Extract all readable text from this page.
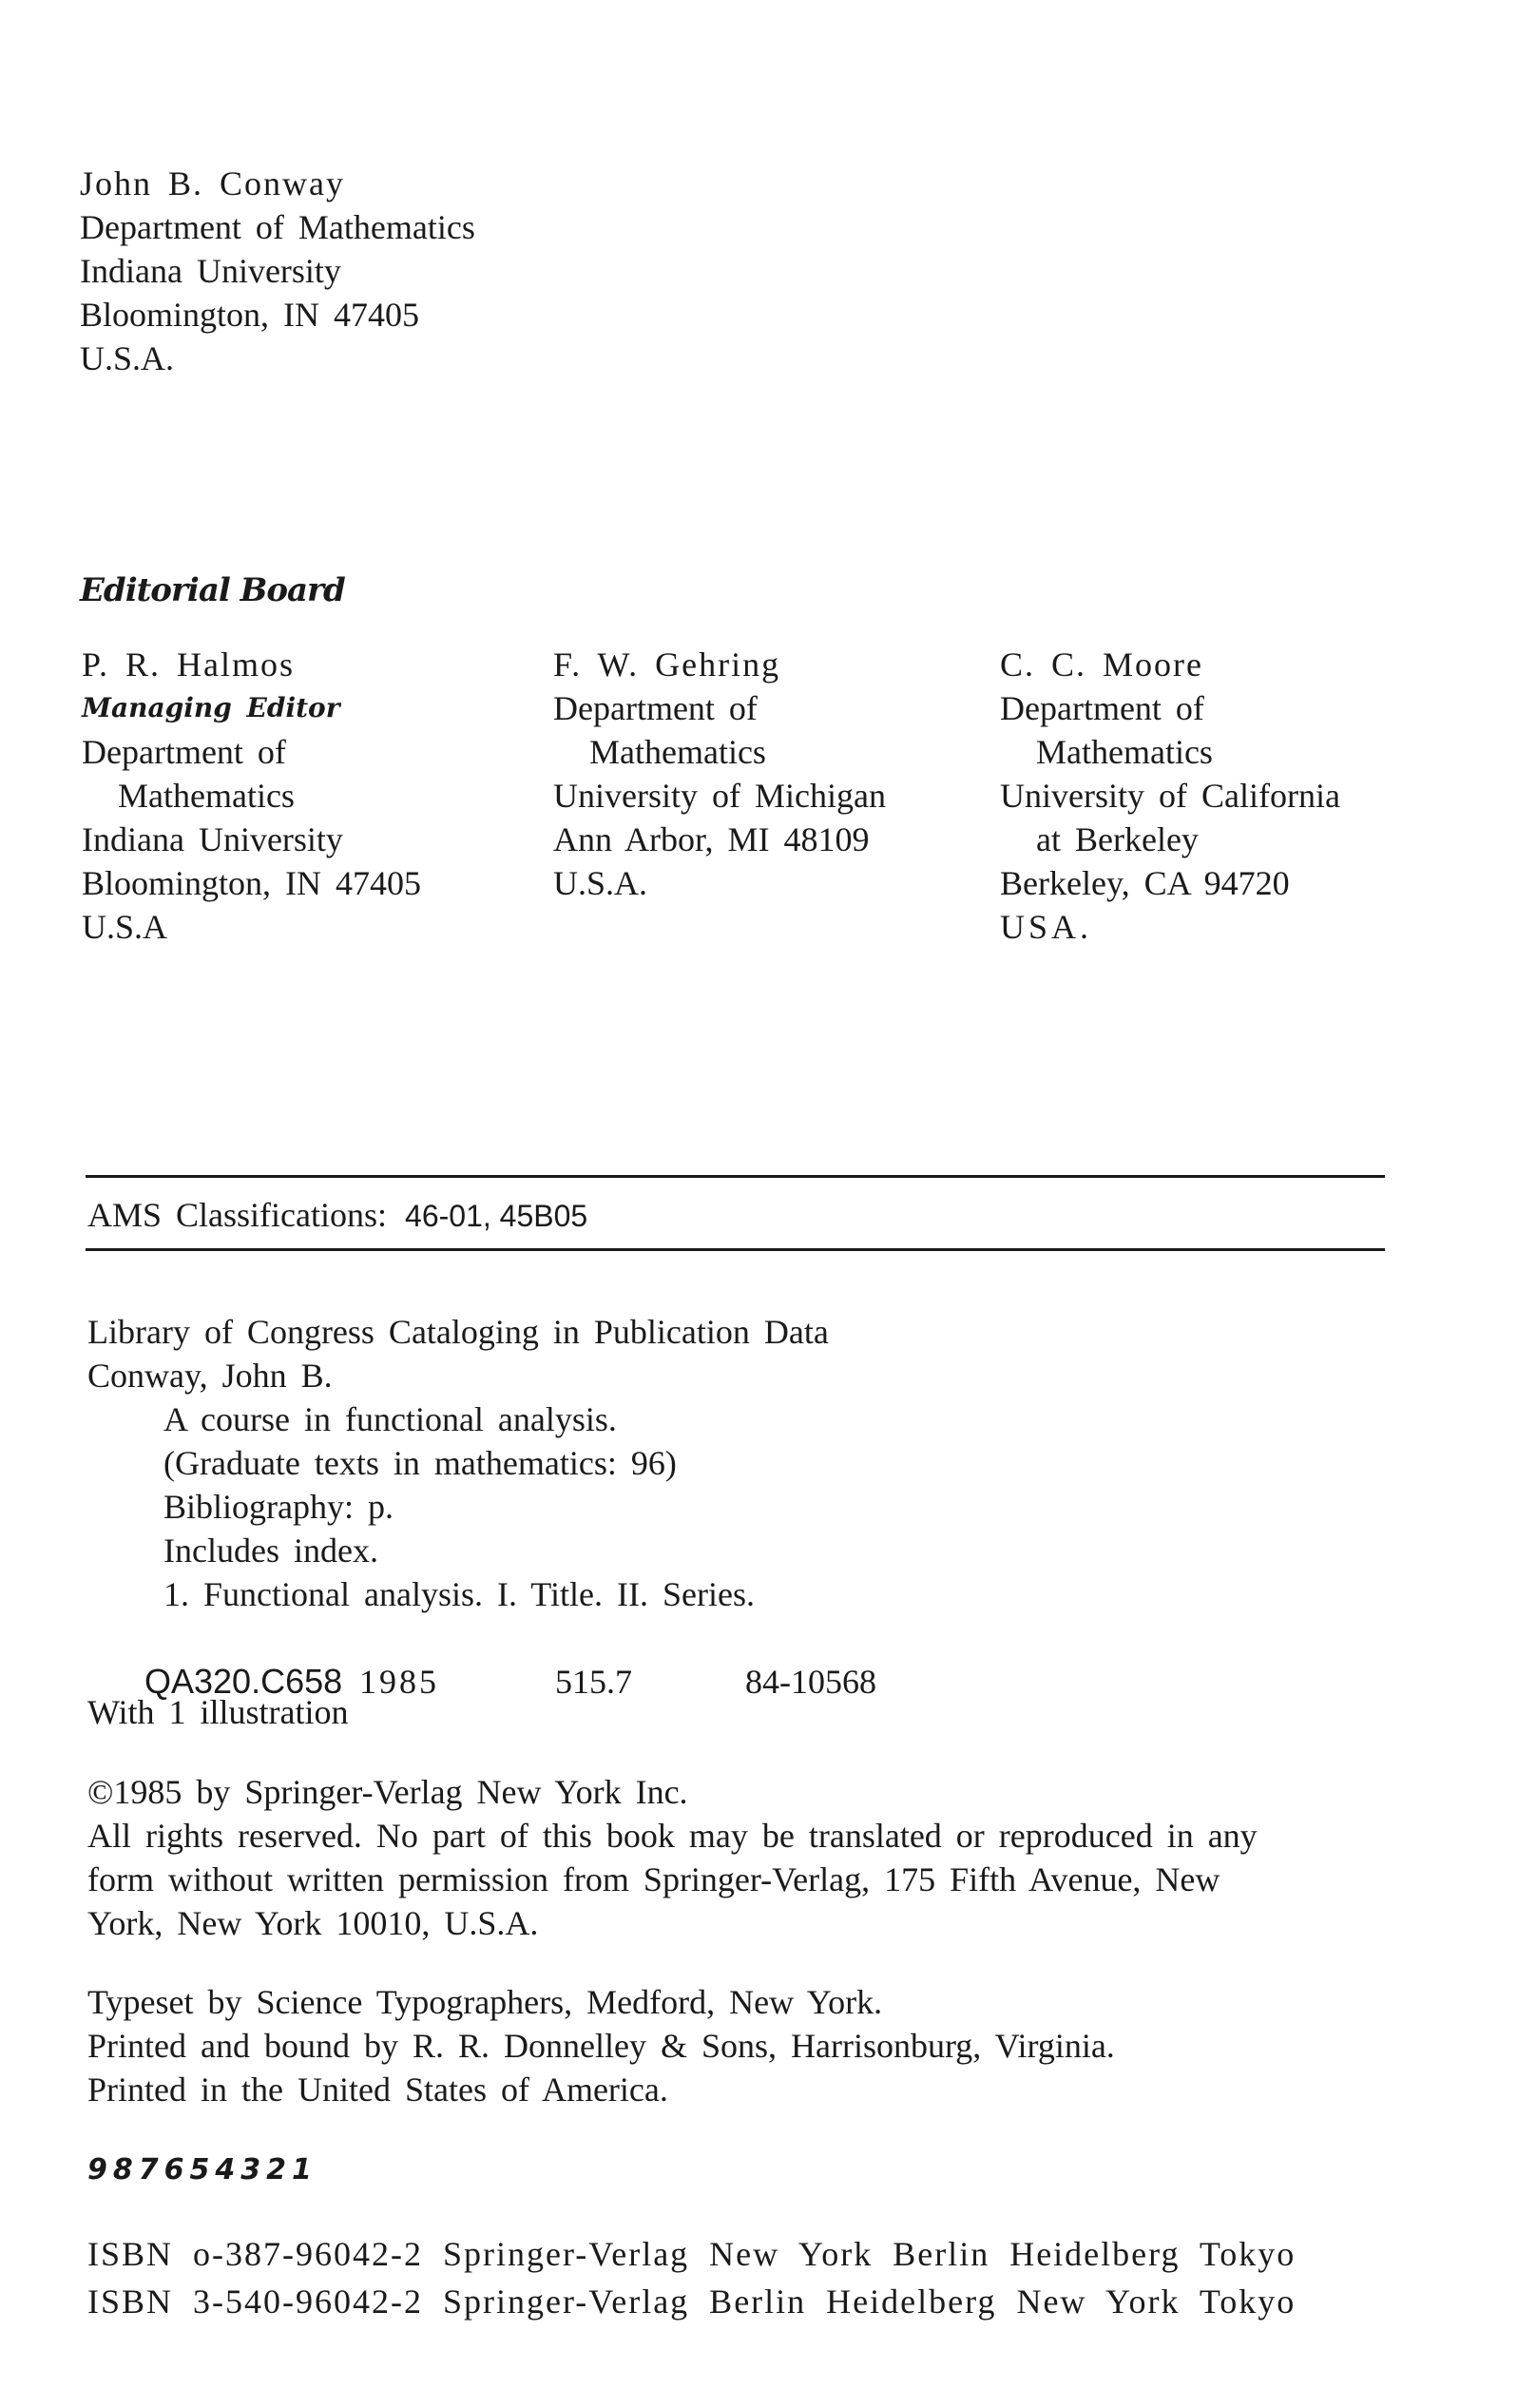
John B. Conway
Department of Mathematics
Indiana University
Bloomington, IN 47405
U.S.A.
Editorial Board
P. R. Halmos
Managing Editor
Department of
Mathematics
Indiana University
Bloomington, IN 47405
U.S.A
F. W. Gehring
Department of
Mathematics
University of Michigan
Ann Arbor, MI 48109
U.S.A.
C. C. Moore
Department of
Mathematics
University of California
at Berkeley
Berkeley, CA 94720
USA.
AMS Classifications: 46-01, 45B05
Library of Congress Cataloging in Publication Data
Conway, John B.
A course in functional analysis.
(Graduate texts in mathematics: 96)
Bibliography: p.
Includes index.
1. Functional analysis. I. Title. II. Series.

QA320.C658 1985	515.7	84-10568

With 1 illustration
©1985 by Springer-Verlag New York Inc.
All rights reserved. No part of this book may be translated or reproduced in any
form without written permission from Springer-Verlag, 175 Fifth Avenue, New
York, New York 10010, U.S.A.
Typeset by Science Typographers, Medford, New York.
Printed and bound by R. R. Donnelley & Sons, Harrisonburg, Virginia.
Printed in the United States of America.
987654321
ISBN o-387-96042-2 Springer-Verlag New York Berlin Heidelberg Tokyo
ISBN 3-540-96042-2 Springer-Verlag Berlin Heidelberg New York Tokyo
